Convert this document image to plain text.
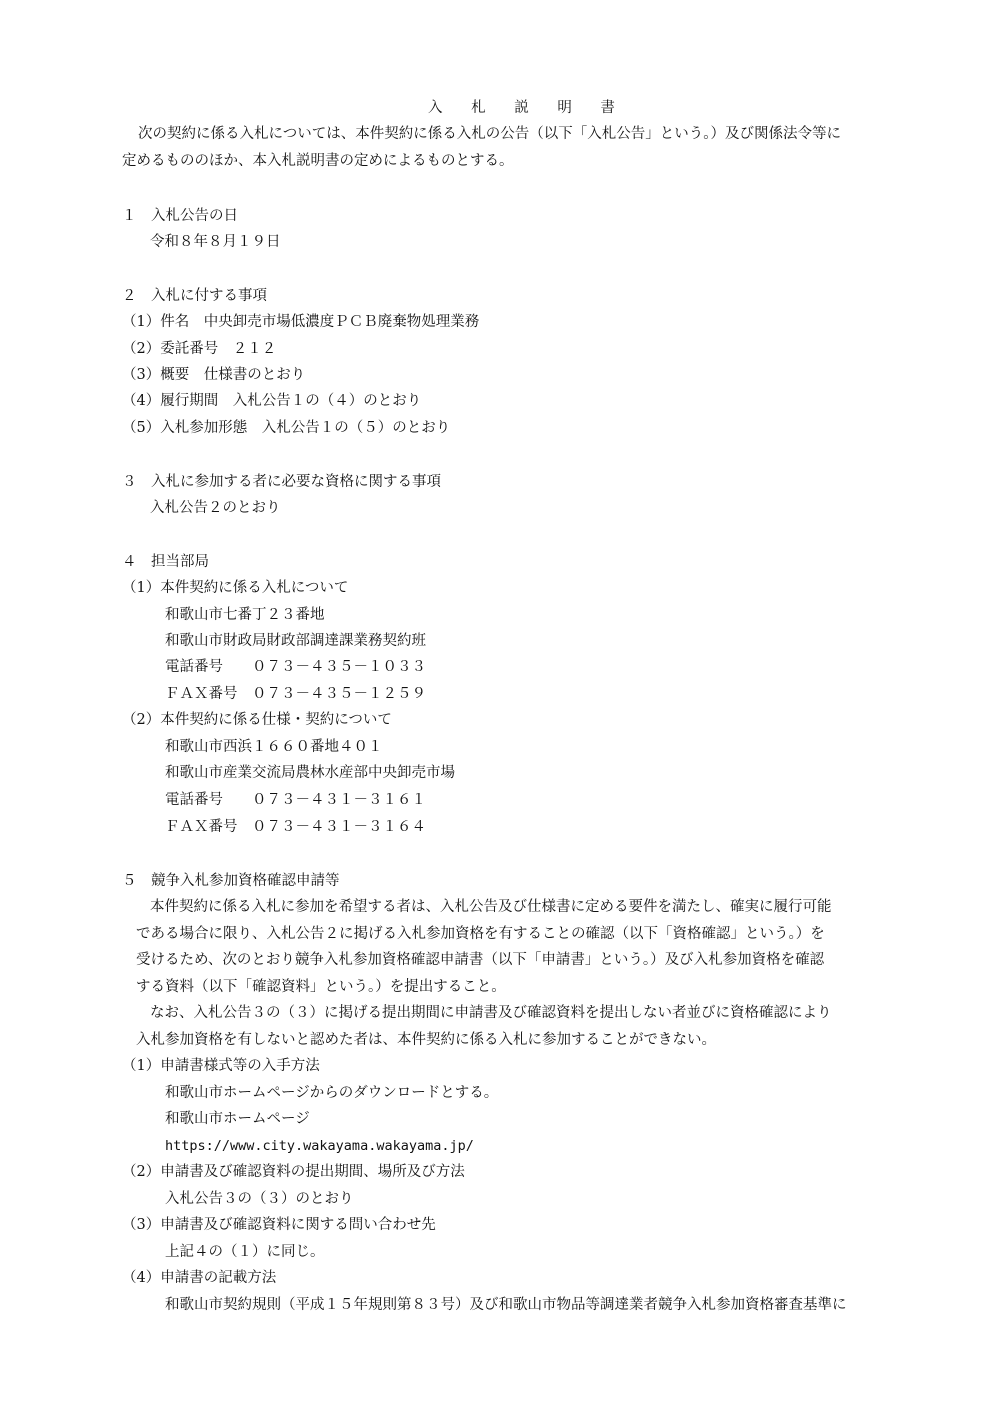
入 札 説 明 書
次の契約に係る入札については、本件契約に係る入札の公告（以下「入札公告」という。）及び関係法令等に
定めるもののほか、本入札説明書の定めによるものとする。
１　入札公告の日
令和８年８月１９日
２　入札に付する事項
（1）件名　中央卸売市場低濃度ＰＣＢ廃棄物処理業務
（2）委託番号　２１２
（3）概要　仕様書のとおり
（4）履行期間　入札公告１の（４）のとおり
（5）入札参加形態　入札公告１の（５）のとおり
３　入札に参加する者に必要な資格に関する事項
入札公告２のとおり
４　担当部局
（1）本件契約に係る入札について
和歌山市七番丁２３番地
和歌山市財政局財政部調達課業務契約班
電話番号　　０７３－４３５－１０３３
ＦＡＸ番号　０７３－４３５－１２５９
（2）本件契約に係る仕様・契約について
和歌山市西浜１６６０番地４０１
和歌山市産業交流局農林水産部中央卸売市場
電話番号　　０７３－４３１－３１６１
ＦＡＸ番号　０７３－４３１－３１６４
５　競争入札参加資格確認申請等
本件契約に係る入札に参加を希望する者は、入札公告及び仕様書に定める要件を満たし、確実に履行可能
である場合に限り、入札公告２に掲げる入札参加資格を有することの確認（以下「資格確認」という。）を
受けるため、次のとおり競争入札参加資格確認申請書（以下「申請書」という。）及び入札参加資格を確認
する資料（以下「確認資料」という。）を提出すること。
なお、入札公告３の（３）に掲げる提出期間に申請書及び確認資料を提出しない者並びに資格確認により
入札参加資格を有しないと認めた者は、本件契約に係る入札に参加することができない。
（1）申請書様式等の入手方法
和歌山市ホームページからのダウンロードとする。
和歌山市ホームページ
https://www.city.wakayama.wakayama.jp/
（2）申請書及び確認資料の提出期間、場所及び方法
入札公告３の（３）のとおり
（3）申請書及び確認資料に関する問い合わせ先
上記４の（１）に同じ。
（4）申請書の記載方法
和歌山市契約規則（平成１５年規則第８３号）及び和歌山市物品等調達業者競争入札参加資格審査基準に
